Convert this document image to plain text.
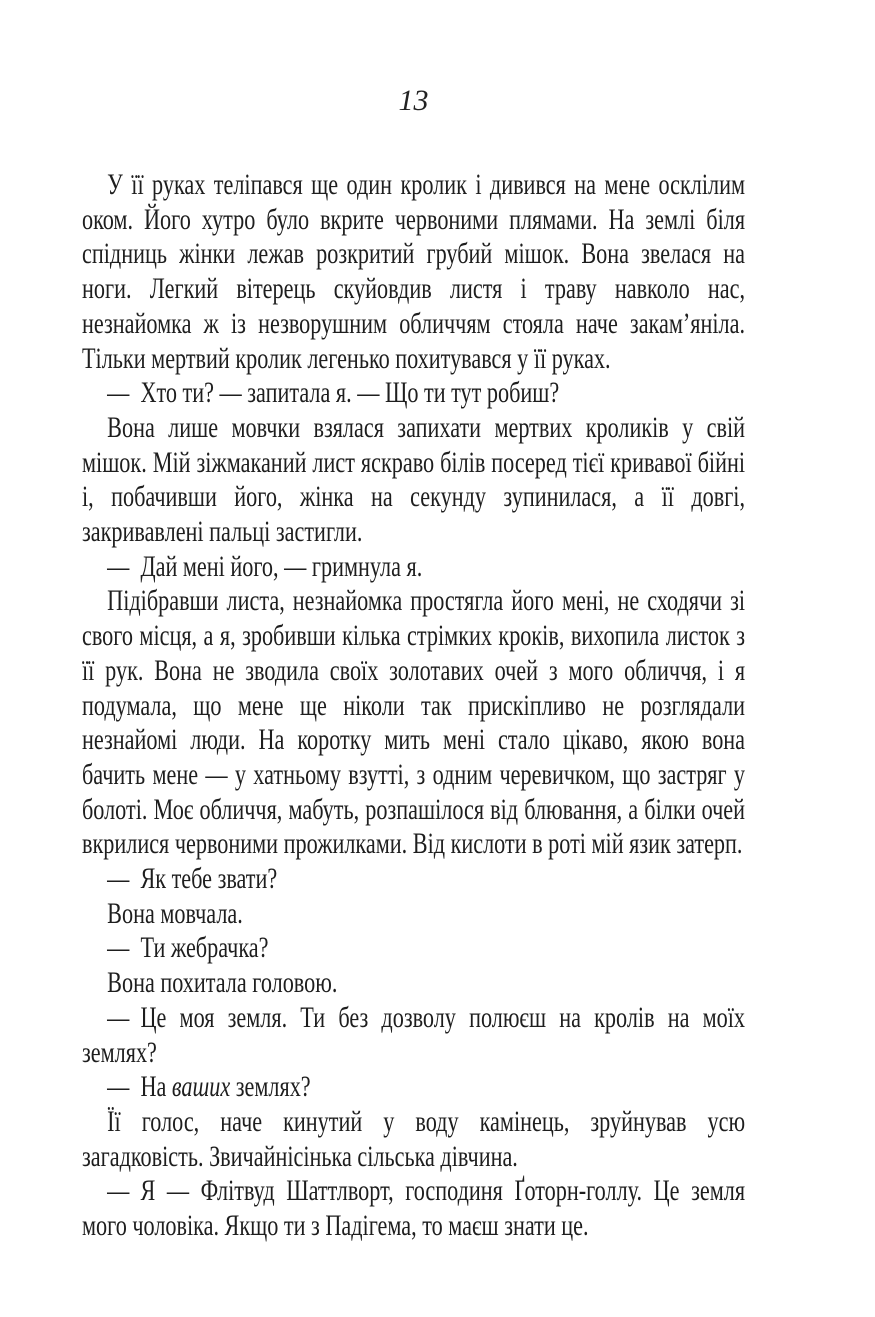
13

У її руках теліпався ще один кролик і дивився на мене осклілим оком. Його хутро було вкрите червоними плямами. На землі біля спідниць жінки лежав розкритий грубий мішок. Вона звелася на ноги. Легкий вітерець скуйовдив листя і траву навколо нас, незнайомка ж із незворушним обличчям стояла наче закам’яніла. Тільки мертвий кролик легенько похитувався у її руках.

— Хто ти? — запитала я. — Що ти тут робиш?

Вона лише мовчки взялася запихати мертвих кроликів у свій мішок. Мій зіжмаканий лист яскраво білів посеред тієї кривавої бійні і, побачивши його, жінка на секунду зупинилася, а її довгі, закривавлені пальці застигли.

— Дай мені його, — гримнула я.

Підібравши листа, незнайомка простягла його мені, не сходячи зі свого місця, а я, зробивши кілька стрімких кроків, вихопила листок з її рук. Вона не зводила своїх золотавих очей з мого обличчя, і я подумала, що мене ще ніколи так прискіпливо не розглядали незнайомі люди. На коротку мить мені стало цікаво, якою вона бачить мене — у хатньому взутті, з одним черевичком, що застряг у болоті. Моє обличчя, мабуть, розпашілося від блювання, а білки очей вкрилися червоними прожилками. Від кислоти в роті мій язик затерп.

— Як тебе звати?

Вона мовчала.

— Ти жебрачка?

Вона похитала головою.

— Це моя земля. Ти без дозволу полюєш на кролів на моїх землях?

— На ваших землях?

Її голос, наче кинутий у воду камінець, зруйнував усю загадковість. Звичайнісінька сільська дівчина.

— Я — Флітвуд Шаттлворт, господиня Ґоторн-голлу. Це земля мого чоловіка. Якщо ти з Падігема, то маєш знати це.
